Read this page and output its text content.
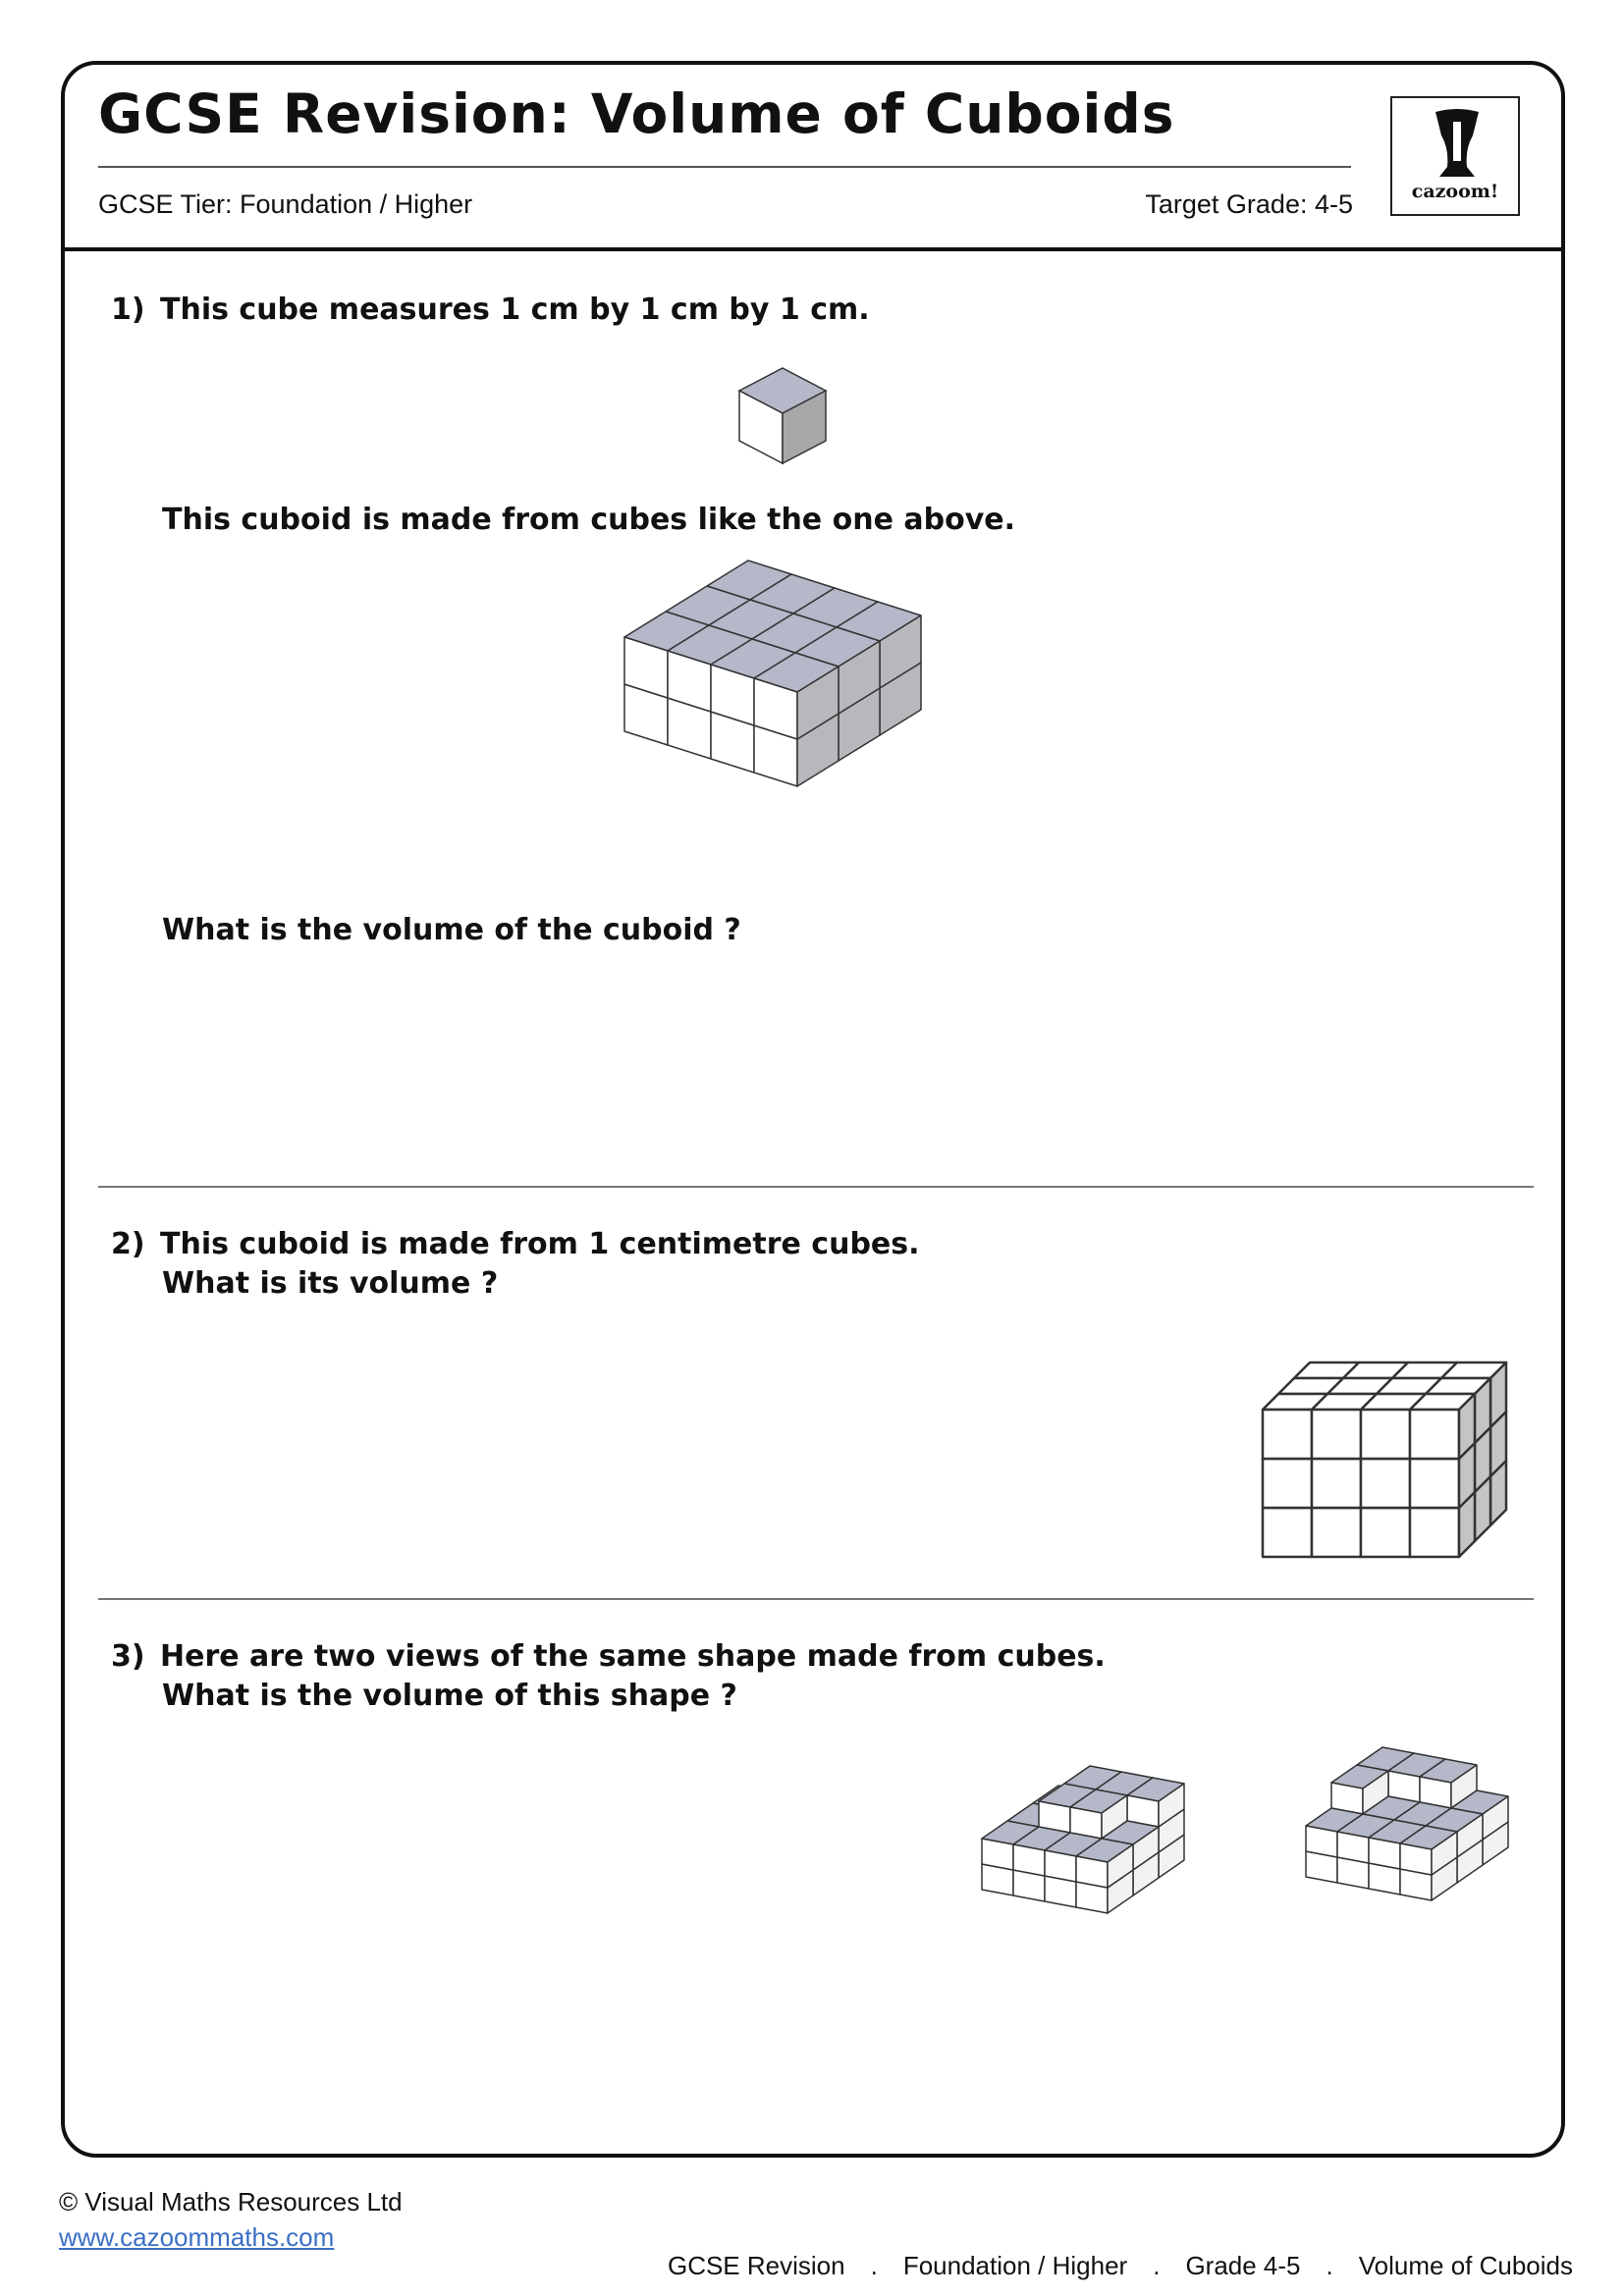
GCSE Revision: Volume of Cuboids
GCSE Tier: Foundation / Higher	Target Grade: 4-5	cazoom!
1) This cube measures 1 cm by 1 cm by 1 cm.
This cuboid is made from cubes like the one above.
What is the volume of the cuboid ?
2) This cuboid is made from 1 centimetre cubes.
What is its volume ?
3) Here are two views of the same shape made from cubes.
What is the volume of this shape ?
© Visual Maths Resources Ltd
www.cazoommaths.com

GCSE Revision . Foundation / Higher . Grade 4-5 . Volume of Cuboids
